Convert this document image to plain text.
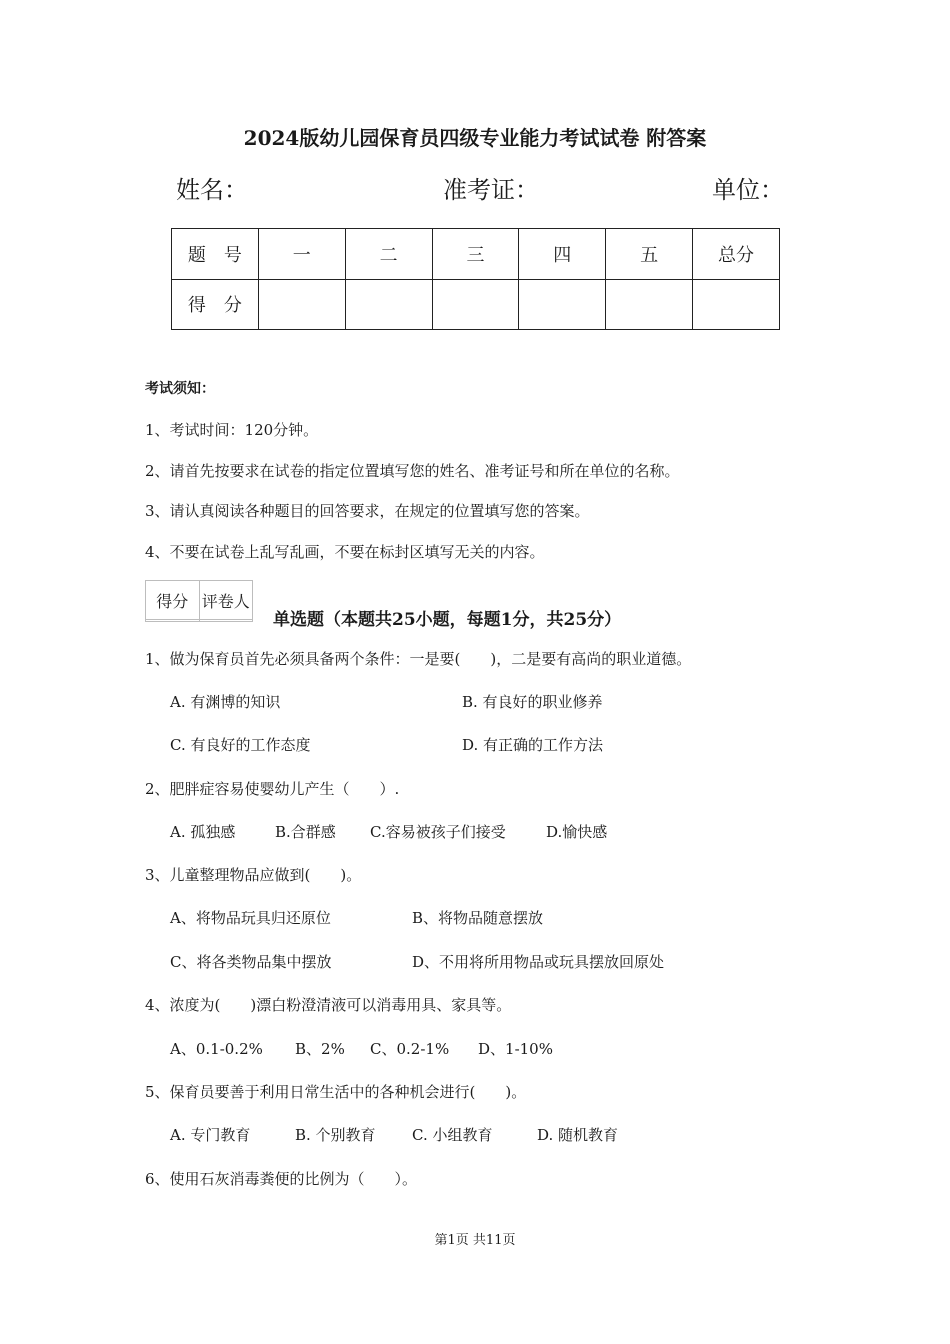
2024版幼儿园保育员四级专业能力考试试卷 附答案
姓名：	准考证：	单位：
题　号	一	二	三	四	五	总分
得　分						
考试须知：
1、考试时间：120分钟。
2、请首先按要求在试卷的指定位置填写您的姓名、准考证号和所在单位的名称。
3、请认真阅读各种题目的回答要求，在规定的位置填写您的答案。
4、不要在试卷上乱写乱画，不要在标封区填写无关的内容。
得分	评卷人

单选题（本题共25小题，每题1分，共25分）
1、做为保育员首先必须具备两个条件：一是要(　　)，二是要有高尚的职业道德。
A. 有渊博的知识	B. 有良好的职业修养
C. 有良好的工作态度	D. 有正确的工作方法
2、肥胖症容易使婴幼儿产生（　　）.
A. 孤独感	B.合群感 C.容易被孩子们接受	D.愉快感
3、儿童整理物品应做到(　　)。
A、将物品玩具归还原位	B、将物品随意摆放
C、将各类物品集中摆放	D、不用将所用物品或玩具摆放回原处
4、浓度为(　　)漂白粉澄清液可以消毒用具、家具等。
A、0.1-0.2% B、2% C、0.2-1% D、1-10%
5、保育员要善于利用日常生活中的各种机会进行(　　)。
A. 专门教育	B. 个别教育 C. 小组教育	D. 随机教育
6、使用石灰消毒粪便的比例为（　　）。
第1页 共11页
